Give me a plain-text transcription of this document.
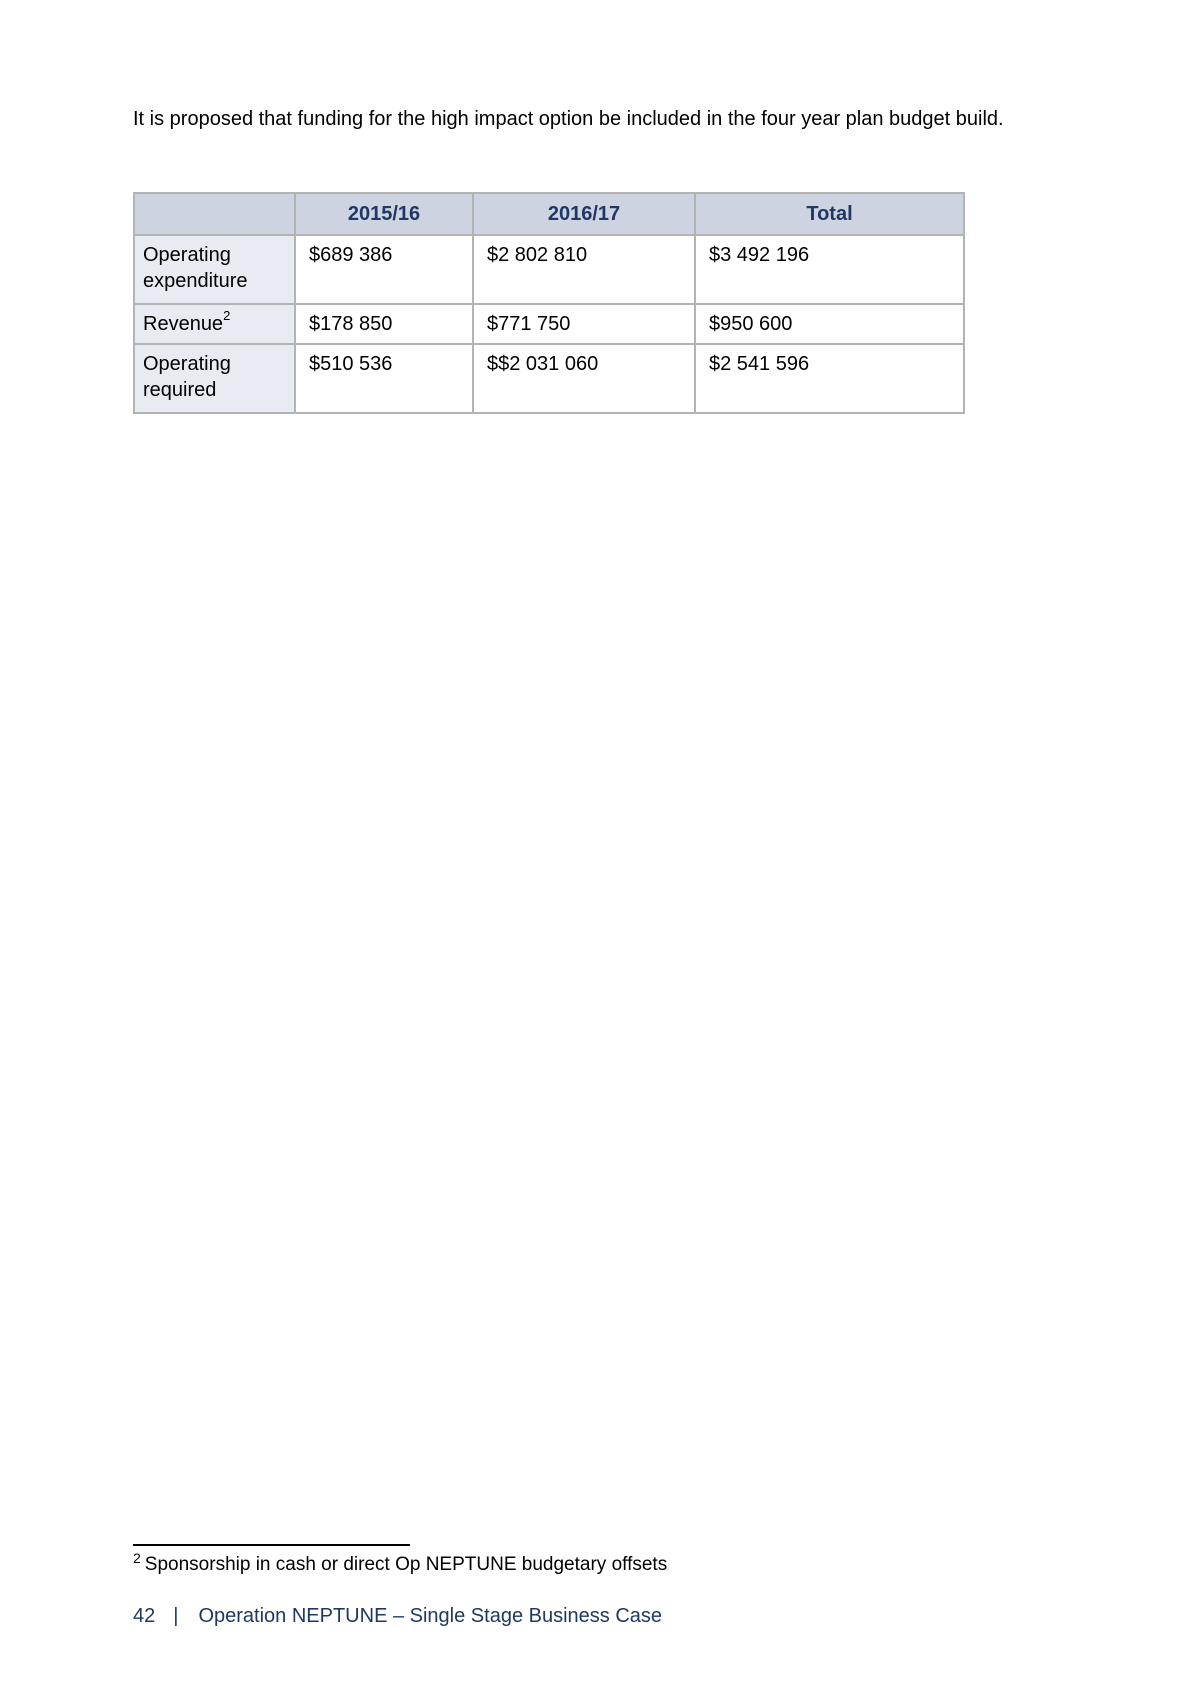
It is proposed that funding for the high impact option be included in the four year plan budget build.

	2015/16	2016/17	Total
Operating expenditure	$689 386	$2 802 810	$3 492 196
Revenue$^2$	$178 850	$771 750	$950 600
Operating required	$510 536	$$2 031 060	$2 541 596

$^2$ Sponsorship in cash or direct Op NEPTUNE budgetary offsets

42 | Operation NEPTUNE – Single Stage Business Case
